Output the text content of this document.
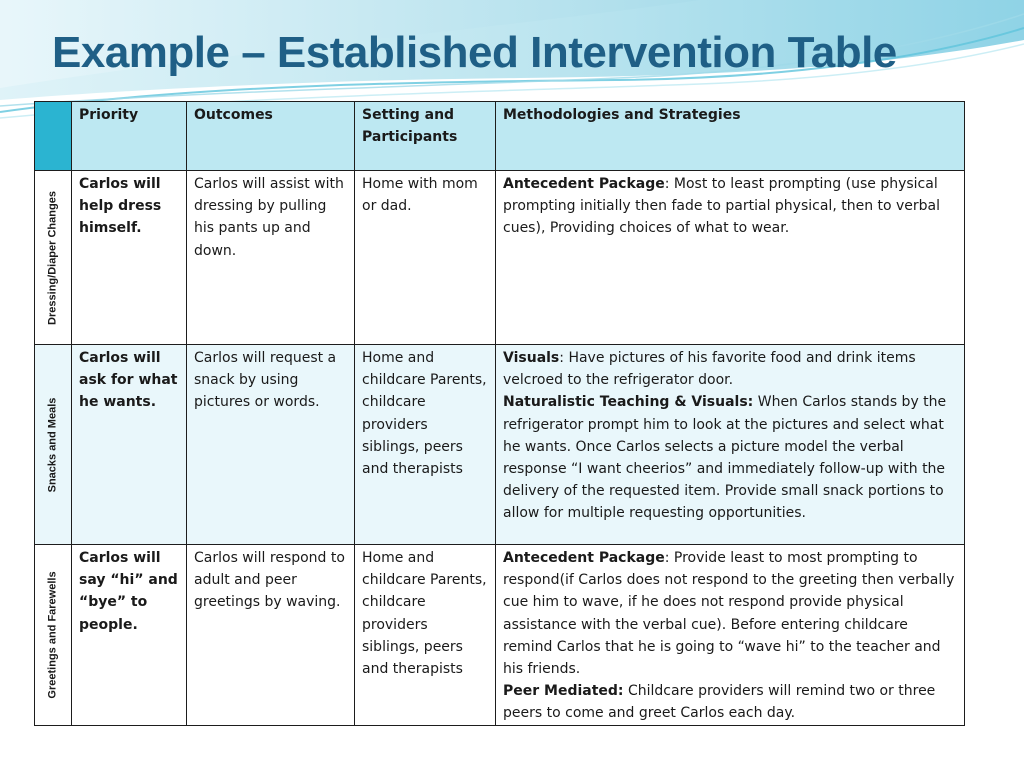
Example – Established Intervention Table
	Priority	Outcomes	Setting and Participants	Methodologies and Strategies

Dressing/Diaper Changes	Carlos will help dress himself.	Carlos will assist with dressing by pulling his pants up and down.	Home with mom or dad.	Antecedent Package: Most to least prompting (use physical prompting initially then fade to partial physical, then to verbal cues), Providing choices of what to wear.

Snacks and Meals	Carlos will ask for what he wants.	Carlos will request a snack by using pictures or words.	Home and childcare Parents, childcare providers siblings, peers and therapists	Visuals: Have pictures of his favorite food and drink items velcroed to the refrigerator door.
Naturalistic Teaching & Visuals: When Carlos stands by the refrigerator prompt him to look at the pictures and select what he wants. Once Carlos selects a picture model the verbal response “I want cheerios” and immediately follow-up with the delivery of the requested item. Provide small snack portions to allow for multiple requesting opportunities.

Greetings and Farewells	Carlos will say “hi” and “bye” to people.	Carlos will respond to adult and peer greetings by waving.	Home and childcare Parents, childcare providers siblings, peers and therapists	Antecedent Package: Provide least to most prompting to respond(if Carlos does not respond to the greeting then verbally cue him to wave, if he does not respond provide physical assistance with the verbal cue). Before entering childcare remind Carlos that he is going to “wave hi” to the teacher and his friends.
Peer Mediated: Childcare providers will remind two or three peers to come and greet Carlos each day.
